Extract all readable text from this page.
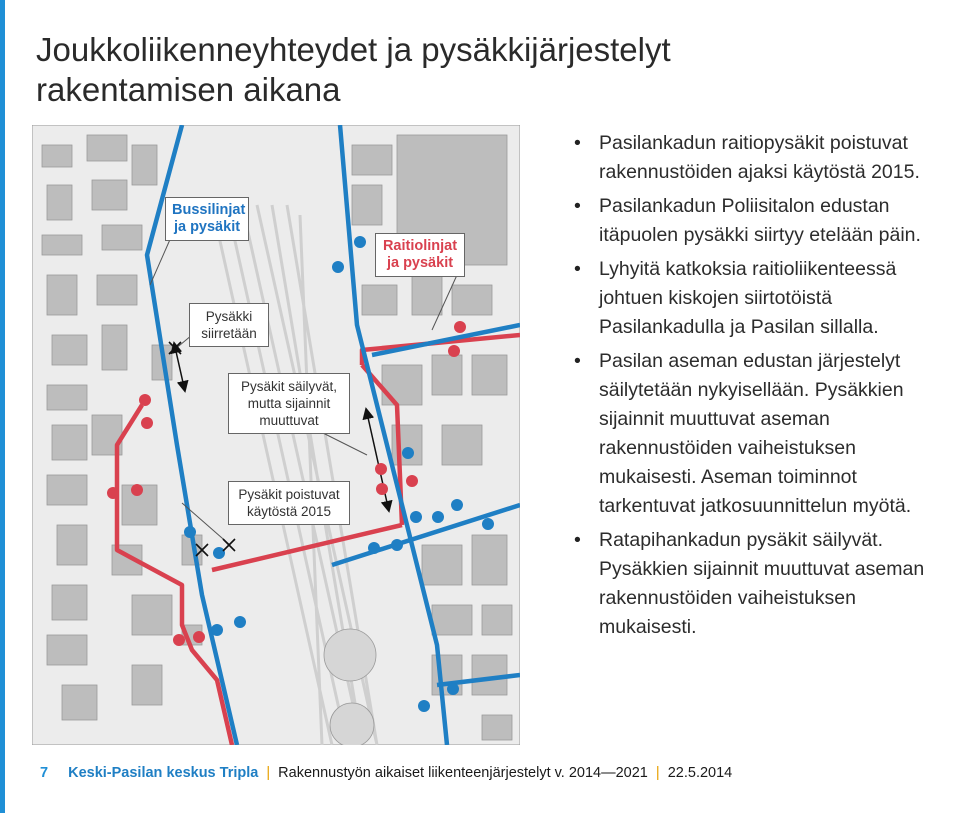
Joukkoliikenneyhteydet ja pysäkkijärjestelyt rakentamisen aikana
Bussilinjat ja pysäkit
Raitiolinjat ja pysäkit
Pysäkki siirretään
Pysäkit säilyvät, mutta sijainnit muuttuvat
Pysäkit poistuvat käytöstä 2015
• Pasilankadun raitiopysäkit poistuvat rakennustöiden ajaksi käytöstä 2015.
• Pasilankadun Poliisitalon edustan itäpuolen pysäkki siirtyy etelään päin.
• Lyhyitä katkoksia raitioliikenteessä johtuen kiskojen siirtotöistä Pasilankadulla ja Pasilan sillalla.
• Pasilan aseman edustan järjestelyt säilytetään nykyisellään. Pysäkkien sijainnit muuttuvat aseman rakennustöiden vaiheistuksen mukaisesti. Aseman toiminnot tarkentuvat jatkosuunnittelun myötä.
• Ratapihankadun pysäkit säilyvät. Pysäkkien sijainnit muuttuvat aseman rakennustöiden vaiheistuksen mukaisesti.
7 Keski-Pasilan keskus Tripla | Rakennustyön aikaiset liikenteenjärjestelyt v. 2014—2021 | 22.5.2014
